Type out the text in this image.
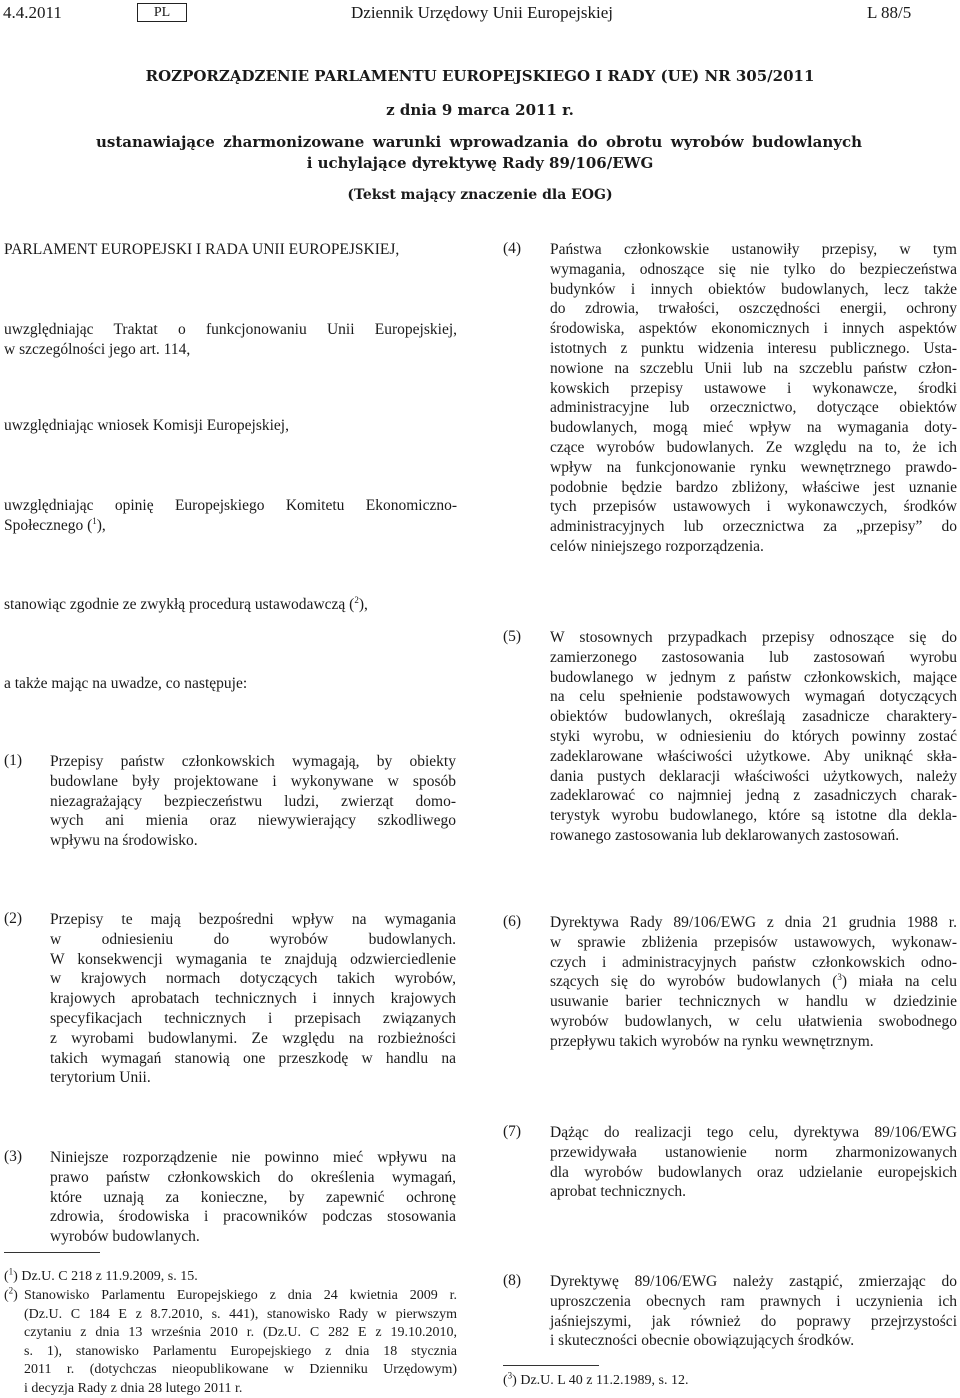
4.4.2011	PL	Dziennik Urzędowy Unii Europejskiej	L 88/5
ROZPORZĄDZENIE PARLAMENTU EUROPEJSKIEGO I RADY (UE) NR 305/2011
z dnia 9 marca 2011 r.
ustanawiające zharmonizowane warunki wprowadzania do obrotu wyrobów budowlanych
i uchylające dyrektywę Rady 89/106/EWG
(Tekst mający znaczenie dla EOG)
PARLAMENT EUROPEJSKI I RADA UNII EUROPEJSKIEJ,
uwzględniając Traktat o funkcjonowaniu Unii Europejskiej,
w szczególności jego art. 114,
uwzględniając wniosek Komisji Europejskiej,
uwzględniając opinię Europejskiego Komitetu Ekonomiczno-
Społecznego ($^1$),
stanowiąc zgodnie ze zwykłą procedurą ustawodawczą ($^2$),
a także mając na uwadze, co następuje:
(1) Przepisy państw członkowskich wymagają, by obiekty
budowlane były projektowane i wykonywane w sposób
niezagrażający bezpieczeństwu ludzi, zwierząt domo-
wych ani mienia oraz niewywierający szkodliwego
wpływu na środowisko.
(2) Przepisy te mają bezpośredni wpływ na wymagania
w odniesieniu do wyrobów budowlanych.
W konsekwencji wymagania te znajdują odzwierciedlenie
w krajowych normach dotyczących takich wyrobów,
krajowych aprobatach technicznych i innych krajowych
specyfikacjach technicznych i przepisach związanych
z wyrobami budowlanymi. Ze względu na rozbieżności
takich wymagań stanowią one przeszkodę w handlu na
terytorium Unii.
(3) Niniejsze rozporządzenie nie powinno mieć wpływu na
prawo państw członkowskich do określenia wymagań,
które uznają za konieczne, by zapewnić ochronę
zdrowia, środowiska i pracowników podczas stosowania
wyrobów budowlanych.
($^1$) Dz.U. C 218 z 11.9.2009, s. 15.
($^2$) Stanowisko Parlamentu Europejskiego z dnia 24 kwietnia 2009 r.
(Dz.U. C 184 E z 8.7.2010, s. 441), stanowisko Rady w pierwszym
czytaniu z dnia 13 września 2010 r. (Dz.U. C 282 E z 19.10.2010,
s. 1), stanowisko Parlamentu Europejskiego z dnia 18 stycznia
2011 r. (dotychczas nieopublikowane w Dzienniku Urzędowym)
i decyzja Rady z dnia 28 lutego 2011 r.
(4) Państwa członkowskie ustanowiły przepisy, w tym
wymagania, odnoszące się nie tylko do bezpieczeństwa
budynków i innych obiektów budowlanych, lecz także
do zdrowia, trwałości, oszczędności energii, ochrony
środowiska, aspektów ekonomicznych i innych aspektów
istotnych z punktu widzenia interesu publicznego. Usta-
nowione na szczeblu Unii lub na szczeblu państw człon-
kowskich przepisy ustawowe i wykonawcze, środki
administracyjne lub orzecznictwo, dotyczące obiektów
budowlanych, mogą mieć wpływ na wymagania doty-
czące wyrobów budowlanych. Ze względu na to, że ich
wpływ na funkcjonowanie rynku wewnętrznego prawdo-
podobnie będzie bardzo zbliżony, właściwe jest uznanie
tych przepisów ustawowych i wykonawczych, środków
administracyjnych lub orzecznictwa za „przepisy” do
celów niniejszego rozporządzenia.
(5) W stosownych przypadkach przepisy odnoszące się do
zamierzonego zastosowania lub zastosowań wyrobu
budowlanego w jednym z państw członkowskich, mające
na celu spełnienie podstawowych wymagań dotyczących
obiektów budowlanych, określają zasadnicze charaktery-
styki wyrobu, w odniesieniu do których powinny zostać
zadeklarowane właściwości użytkowe. Aby uniknąć skła-
dania pustych deklaracji właściwości użytkowych, należy
zadeklarować co najmniej jedną z zasadniczych charak-
terystyk wyrobu budowlanego, które są istotne dla deklа-
rowanego zastosowania lub deklarowanych zastosowań.
(6) Dyrektywa Rady 89/106/EWG z dnia 21 grudnia 1988 r.
w sprawie zbliżenia przepisów ustawowych, wykonaw-
czych i administracyjnych państw członkowskich odno-
szących się do wyrobów budowlanych ($^3$) miała na celu
usuwanie barier technicznych w handlu w dziedzinie
wyrobów budowlanych, w celu ułatwienia swobodnego
przepływu takich wyrobów na rynku wewnętrznym.
(7) Dążąc do realizacji tego celu, dyrektywa 89/106/EWG
przewidywała ustanowienie norm zharmonizowanych
dla wyrobów budowlanych oraz udzielanie europejskich
aprobat technicznych.
(8) Dyrektywę 89/106/EWG należy zastąpić, zmierzając do
uproszczenia obecnych ram prawnych i uczynienia ich
jaśniejszymi, jak również do poprawy przejrzystości
i skuteczności obecnie obowiązujących środków.
($^3$) Dz.U. L 40 z 11.2.1989, s. 12.
